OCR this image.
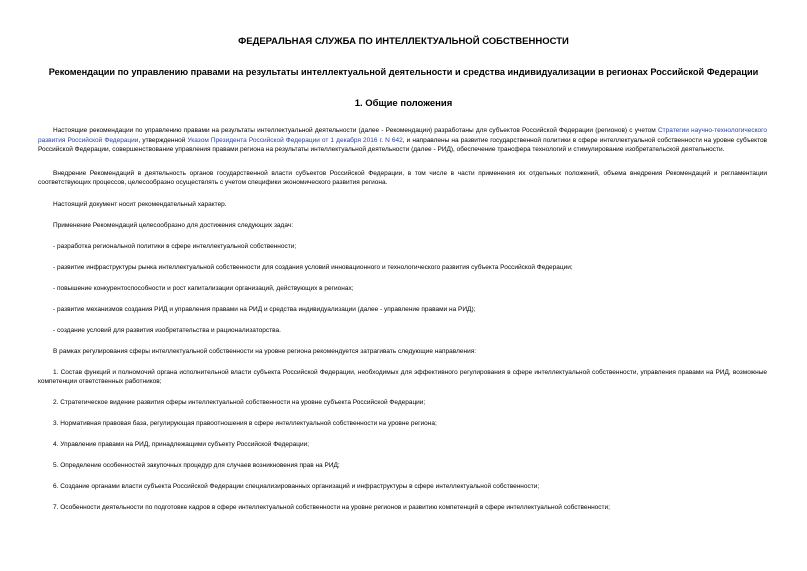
ФЕДЕРАЛЬНАЯ СЛУЖБА ПО ИНТЕЛЛЕКТУАЛЬНОЙ СОБСТВЕННОСТИ
Рекомендации по управлению правами на результаты интеллектуальной деятельности и средства индивидуализации в регионах Российской Федерации
1. Общие положения

Настоящие рекомендации по управлению правами на результаты интеллектуальной деятельности (далее - Рекомендации) разработаны для субъектов Российской Федерации (регионов) с учетом Стратегии научно-технологического развития Российской Федерации, утвержденной Указом Президента Российской Федерации от 1 декабря 2016 г. N 642, и направлены на развитие государственной политики в сфере интеллектуальной собственности на уровне субъектов Российской Федерации, совершенствование управления правами региона на результаты интеллектуальной деятельности (далее - РИД), обеспечение трансфера технологий и стимулирование изобретательской деятельности.

Внедрение Рекомендаций в деятельность органов государственной власти субъектов Российской Федерации, в том числе в части применения их отдельных положений, объема внедрения Рекомендаций и регламентации соответствующих процессов, целесообразно осуществлять с учетом специфики экономического развития региона.

Настоящий документ носит рекомендательный характер.

Применение Рекомендаций целесообразно для достижения следующих задач:

- разработка региональной политики в сфере интеллектуальной собственности;

- развитие инфраструктуры рынка интеллектуальной собственности для создания условий инновационного и технологического развития субъекта Российской Федерации;

- повышение конкурентоспособности и рост капитализации организаций, действующих в регионах;

- развитие механизмов создания РИД и управления правами на РИД и средства индивидуализации (далее - управление правами на РИД);

- создание условий для развития изобретательства и рационализаторства.

В рамках регулирования сферы интеллектуальной собственности на уровне региона рекомендуется затрагивать следующие направления:

1. Состав функций и полномочий органа исполнительной власти субъекта Российской Федерации, необходимых для эффективного регулирования в сфере интеллектуальной собственности, управления правами на РИД, возможные компетенции ответственных работников;

2. Стратегическое видение развития сферы интеллектуальной собственности на уровне субъекта Российской Федерации;

3. Нормативная правовая база, регулирующая правоотношения в сфере интеллектуальной собственности на уровне региона;

4. Управление правами на РИД, принадлежащими субъекту Российской Федерации;

5. Определение особенностей закупочных процедур для случаев возникновения прав на РИД;

6. Создание органами власти субъекта Российской Федерации специализированных организаций и инфраструктуры в сфере интеллектуальной собственности;

7. Особенности деятельности по подготовке кадров в сфере интеллектуальной собственности на уровне регионов и развитию компетенций в сфере интеллектуальной собственности;
